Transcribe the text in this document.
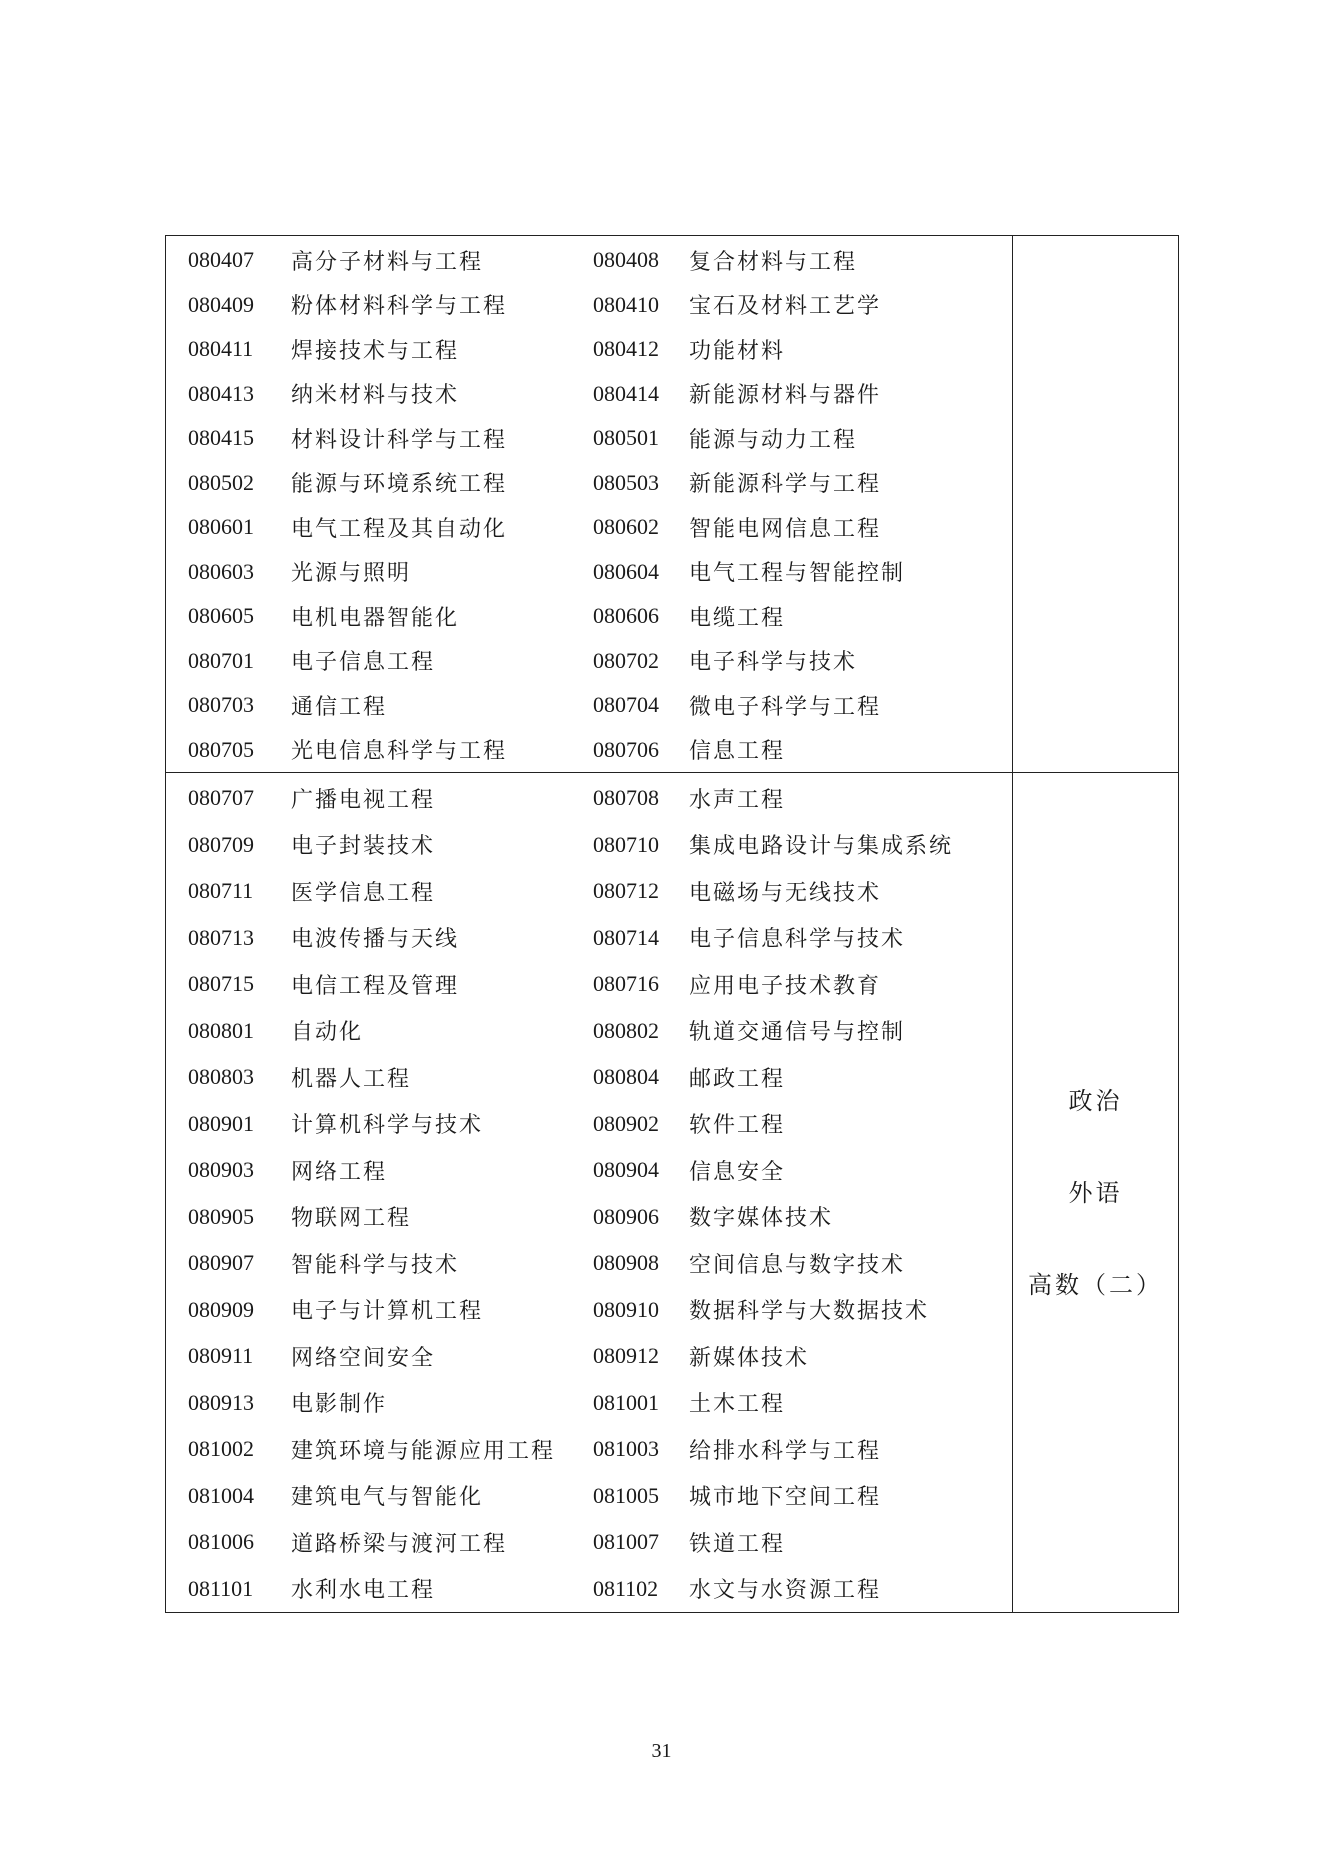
080407	高分子材料与工程	080408	复合材料与工程
080409	粉体材料科学与工程	080410	宝石及材料工艺学
080411	焊接技术与工程	080412	功能材料
080413	纳米材料与技术	080414	新能源材料与器件
080415	材料设计科学与工程	080501	能源与动力工程
080502	能源与环境系统工程	080503	新能源科学与工程
080601	电气工程及其自动化	080602	智能电网信息工程
080603	光源与照明	080604	电气工程与智能控制
080605	电机电器智能化	080606	电缆工程
080701	电子信息工程	080702	电子科学与技术
080703	通信工程	080704	微电子科学与工程
080705	光电信息科学与工程	080706	信息工程
080707	广播电视工程	080708	水声工程
080709	电子封装技术	080710	集成电路设计与集成系统
080711	医学信息工程	080712	电磁场与无线技术
080713	电波传播与天线	080714	电子信息科学与技术
080715	电信工程及管理	080716	应用电子技术教育
080801	自动化	080802	轨道交通信号与控制
080803	机器人工程	080804	邮政工程
080901	计算机科学与技术	080902	软件工程
080903	网络工程	080904	信息安全
080905	物联网工程	080906	数字媒体技术
080907	智能科学与技术	080908	空间信息与数字技术
080909	电子与计算机工程	080910	数据科学与大数据技术
080911	网络空间安全	080912	新媒体技术
080913	电影制作	081001	土木工程
081002	建筑环境与能源应用工程	081003	给排水科学与工程
081004	建筑电气与智能化	081005	城市地下空间工程
081006	道路桥梁与渡河工程	081007	铁道工程
081101	水利水电工程	081102	水文与水资源工程
政治
外语
高数（二）
31
